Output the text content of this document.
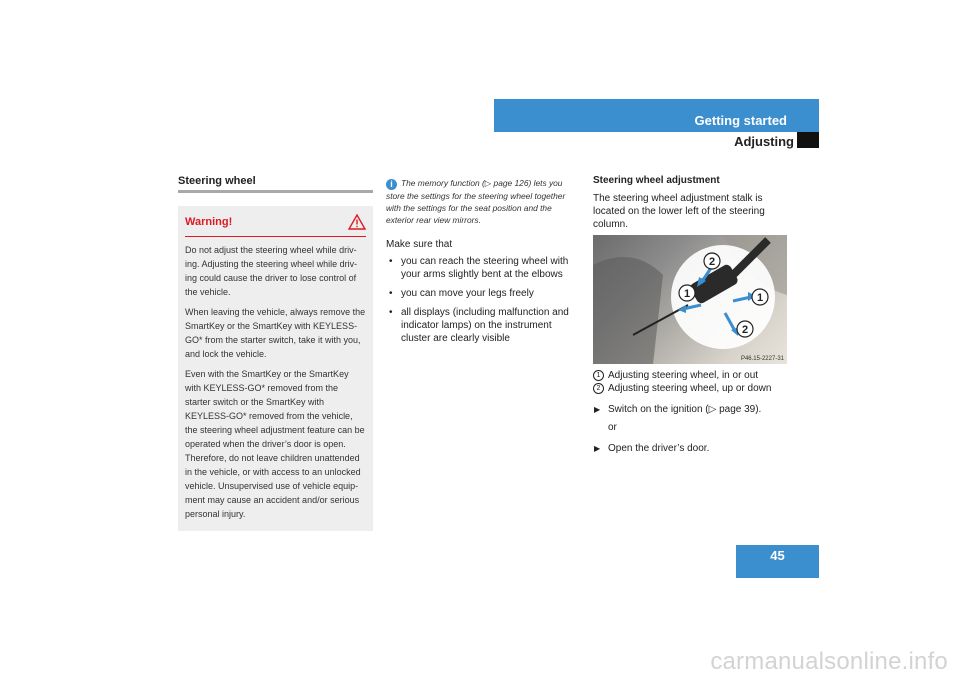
Getting started
Adjusting

Steering wheel

Warning!

Do not adjust the steering wheel while driv-ing. Adjusting the steering wheel while driv-ing could cause the driver to lose control of the vehicle.

When leaving the vehicle, always remove the SmartKey or the SmartKey with KEYLESS-GO* from the starter switch, take it with you, and lock the vehicle.

Even with the SmartKey or the SmartKey with KEYLESS-GO* removed from the starter switch or the SmartKey with KEYLESS-GO* removed from the vehicle, the steering wheel adjustment feature can be operated when the driver’s door is open. Therefore, do not leave children unattended in the vehicle, or with access to an unlocked vehicle. Unsupervised use of vehicle equip-ment may cause an accident and/or serious personal injury.

i The memory function (▷ page 126) lets you
store the settings for the steering wheel together
with the settings for the seat position and the
exterior rear view mirrors.

Make sure that

• you can reach the steering wheel with your arms slightly bent at the elbows
• you can move your legs freely
• all displays (including malfunction and indicator lamps) on the instrument cluster are clearly visible

Steering wheel adjustment

The steering wheel adjustment stalk is located on the lower left of the steering column.

2
1	1
2
P46.15-2227-31
1 Adjusting steering wheel, in or out
2 Adjusting steering wheel, up or down

▶ Switch on the ignition (▷ page 39).

or

▶ Open the driver’s door.

45
carmanualsonline.info
